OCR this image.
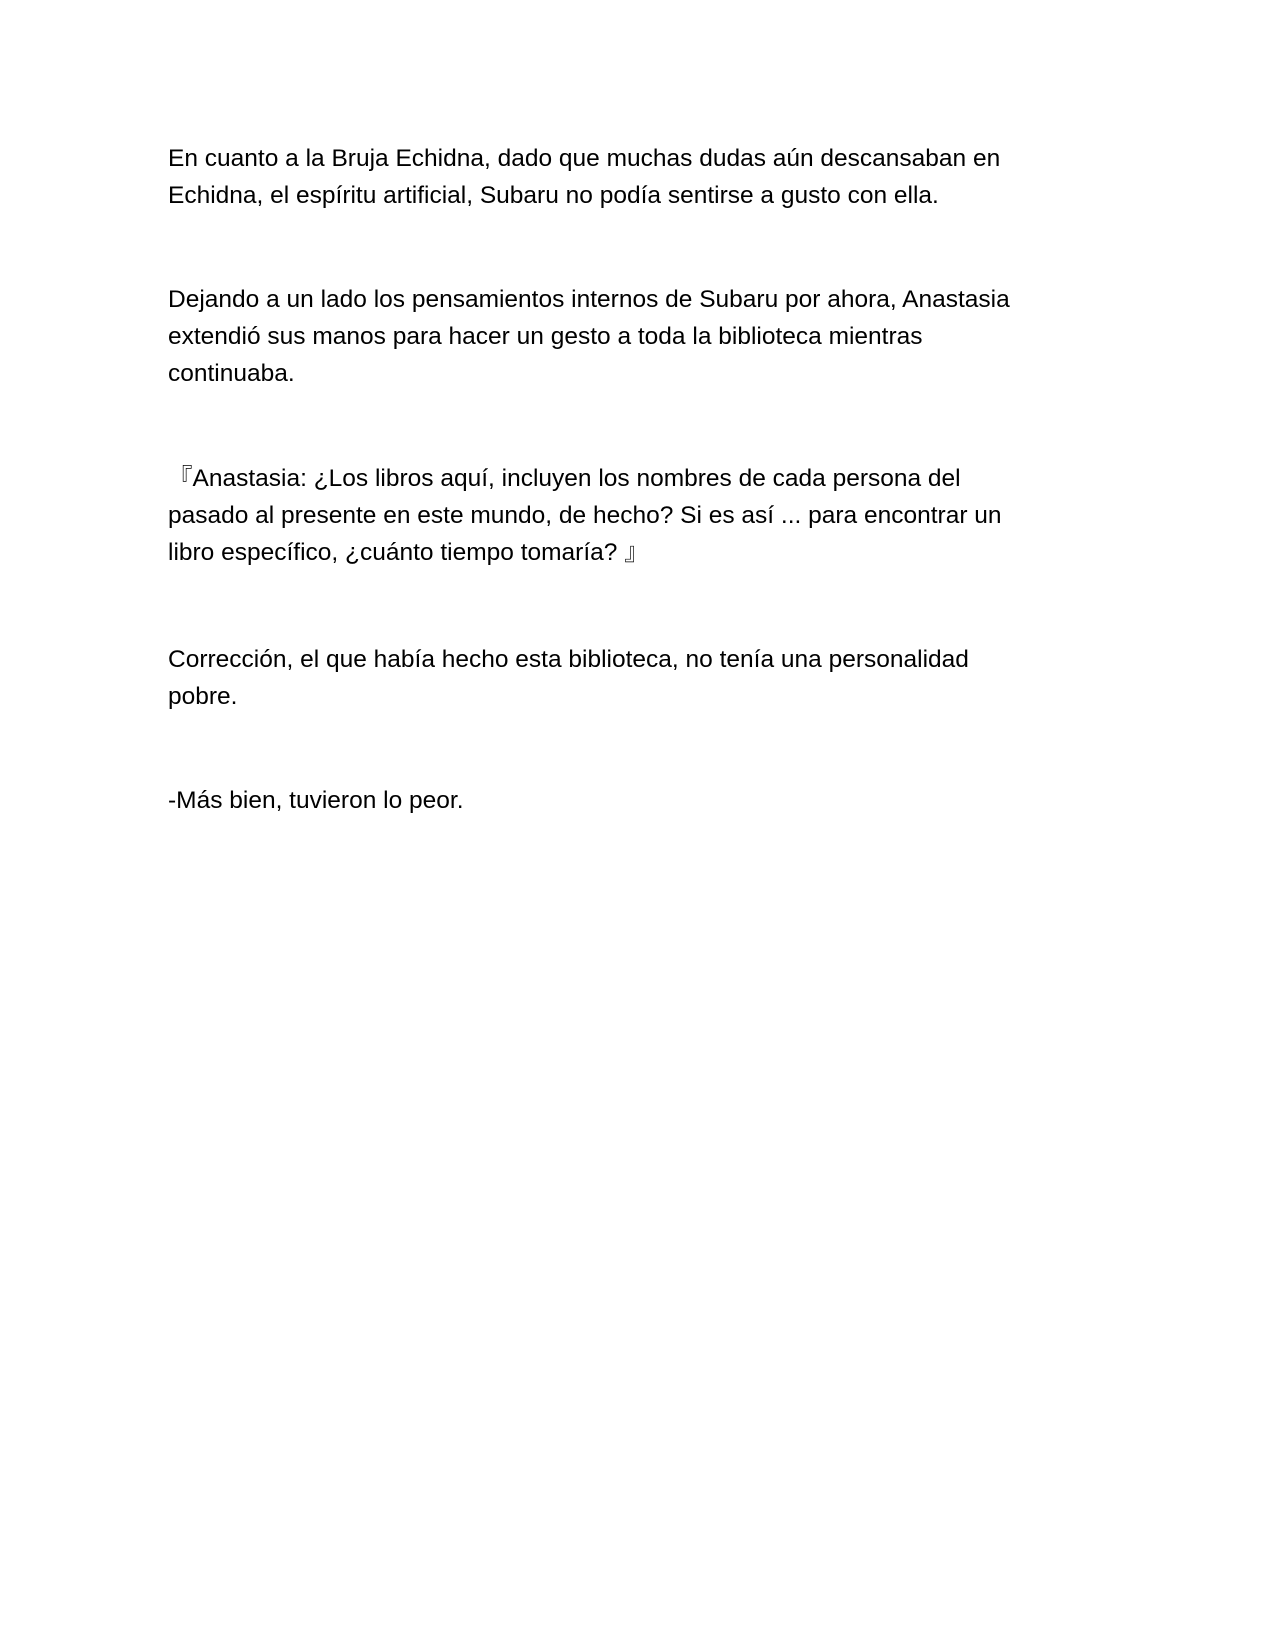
En cuanto a la Bruja Echidna, dado que muchas dudas aún descansaban en
Echidna, el espíritu artificial, Subaru no podía sentirse a gusto con ella.
Dejando a un lado los pensamientos internos de Subaru por ahora, Anastasia
extendió sus manos para hacer un gesto a toda la biblioteca mientras
continuaba.
『Anastasia: ¿Los libros aquí, incluyen los nombres de cada persona del
pasado al presente en este mundo, de hecho? Si es así ... para encontrar un
libro específico, ¿cuánto tiempo tomaría? 』
Corrección, el que había hecho esta biblioteca, no tenía una personalidad
pobre.
-Más bien, tuvieron lo peor.
